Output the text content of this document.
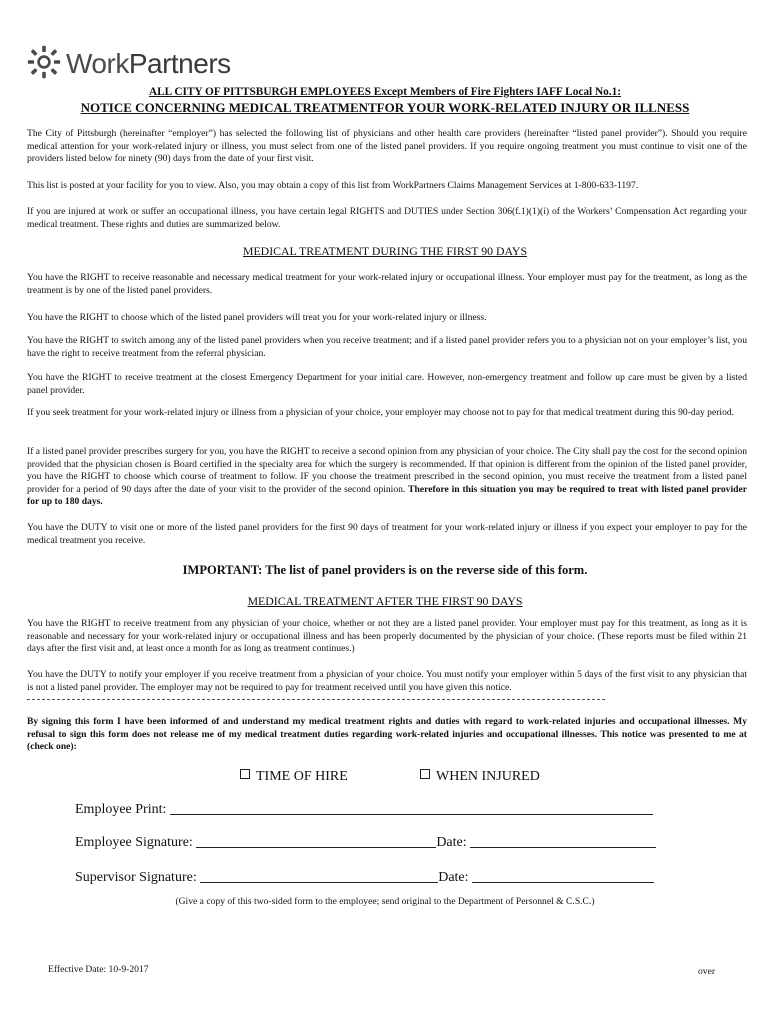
WorkPartners
ALL CITY OF PITTSBURGH EMPLOYEES Except Members of Fire Fighters IAFF Local No.1:
NOTICE CONCERNING MEDICAL TREATMENTFOR YOUR WORK-RELATED INJURY OR ILLNESS

The City of Pittsburgh (hereinafter “employer”) has selected the following list of physicians and other health care providers (hereinafter “listed panel provider”). Should you require medical attention for your work-related injury or illness, you must select from one of the listed panel providers. If you require ongoing treatment you must continue to visit one of the providers listed below for ninety (90) days from the date of your first visit.

This list is posted at your facility for you to view. Also, you may obtain a copy of this list from WorkPartners Claims Management Services at 1-800-633-1197.

If you are injured at work or suffer an occupational illness, you have certain legal RIGHTS and DUTIES under Section 306(f.1)(1)(i) of the Workers’ Compensation Act regarding your medical treatment. These rights and duties are summarized below.

MEDICAL TREATMENT DURING THE FIRST 90 DAYS

You have the RIGHT to receive reasonable and necessary medical treatment for your work-related injury or occupational illness. Your employer must pay for the treatment, as long as the treatment is by one of the listed panel providers.

You have the RIGHT to choose which of the listed panel providers will treat you for your work-related injury or illness.

You have the RIGHT to switch among any of the listed panel providers when you receive treatment; and if a listed panel provider refers you to a physician not on your employer’s list, you have the right to receive treatment from the referral physician.

You have the RIGHT to receive treatment at the closest Emergency Department for your initial care. However, non-emergency treatment and follow up care must be given by a listed panel provider.

If you seek treatment for your work-related injury or illness from a physician of your choice, your employer may choose not to pay for that medical treatment during this 90-day period.

If a listed panel provider prescribes surgery for you, you have the RIGHT to receive a second opinion from any physician of your choice. The City shall pay the cost for the second opinion provided that the physician chosen is Board certified in the specialty area for which the surgery is recommended. If that opinion is different from the opinion of the listed panel provider, you have the RIGHT to choose which course of treatment to follow. IF you choose the treatment prescribed in the second opinion, you must receive the treatment from a listed panel provider for a period of 90 days after the date of your visit to the provider of the second opinion. Therefore in this situation you may be required to treat with listed panel provider for up to 180 days.

You have the DUTY to visit one or more of the listed panel providers for the first 90 days of treatment for your work-related injury or illness if you expect your employer to pay for the medical treatment you receive.

IMPORTANT: The list of panel providers is on the reverse side of this form.
MEDICAL TREATMENT AFTER THE FIRST 90 DAYS

You have the RIGHT to receive treatment from any physician of your choice, whether or not they are a listed panel provider. Your employer must pay for this treatment, as long as it is reasonable and necessary for your work-related injury or occupational illness and has been properly documented by the physician of your choice. (These reports must be filed within 21 days after the first visit and, at least once a month for as long as treatment continues.)

You have the DUTY to notify your employer if you receive treatment from a physician of your choice. You must notify your employer within 5 days of the first visit to any physician that is not a listed panel provider. The employer may not be required to pay for treatment received until you have given this notice.

By signing this form I have been informed of and understand my medical treatment rights and duties with regard to work-related injuries and occupational illnesses. My refusal to sign this form does not release me of my medical treatment duties regarding work-related injuries and occupational illnesses. This notice was presented to me at (check one):

TIME OF HIRE	WHEN INJURED
Employee Print:
Employee Signature:	Date:
Supervisor Signature:	Date:
(Give a copy of this two-sided form to the employee; send original to the Department of Personnel & C.S.C.)
Effective Date: 10-9-2017	over
